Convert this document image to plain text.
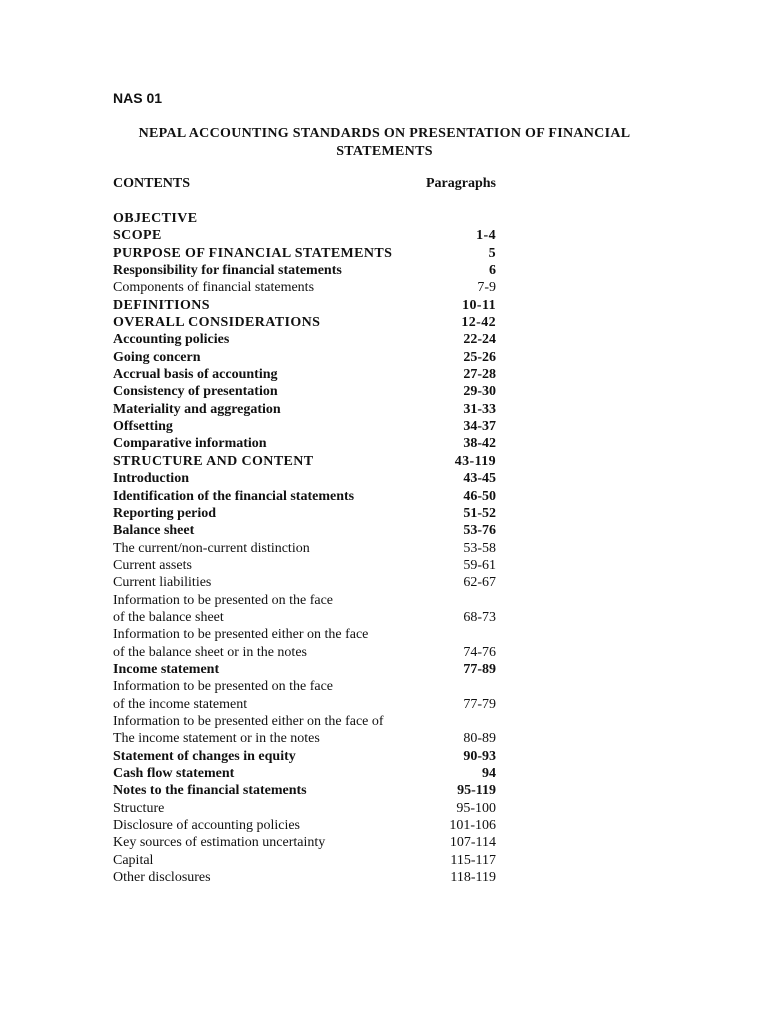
NAS 01
NEPAL ACCOUNTING STANDARDS ON PRESENTATION OF FINANCIAL
STATEMENTS
CONTENTS	Paragraphs
OBJECTIVE
SCOPE	1-4
PURPOSE OF FINANCIAL STATEMENTS	5
Responsibility for financial statements	6
Components of financial statements	7-9
DEFINITIONS	10-11
OVERALL CONSIDERATIONS	12-42
Accounting policies	22-24
Going concern	25-26
Accrual basis of accounting	27-28
Consistency of presentation	29-30
Materiality and aggregation	31-33
Offsetting	34-37
Comparative information	38-42
STRUCTURE AND CONTENT	43-119
Introduction	43-45
Identification of the financial statements	46-50
Reporting period	51-52
Balance sheet	53-76
The current/non-current distinction	53-58
Current assets	59-61
Current liabilities	62-67
Information to be presented on the face
of the balance sheet	68-73
Information to be presented either on the face
of the balance sheet or in the notes	74-76
Income statement	77-89
Information to be presented on the face
of the income statement	77-79
Information to be presented either on the face of
The income statement or in the notes	80-89
Statement of changes in equity	90-93
Cash flow statement	94
Notes to the financial statements	95-119
Structure	95-100
Disclosure of accounting policies	101-106
Key sources of estimation uncertainty	107-114
Capital	115-117
Other disclosures	118-119
